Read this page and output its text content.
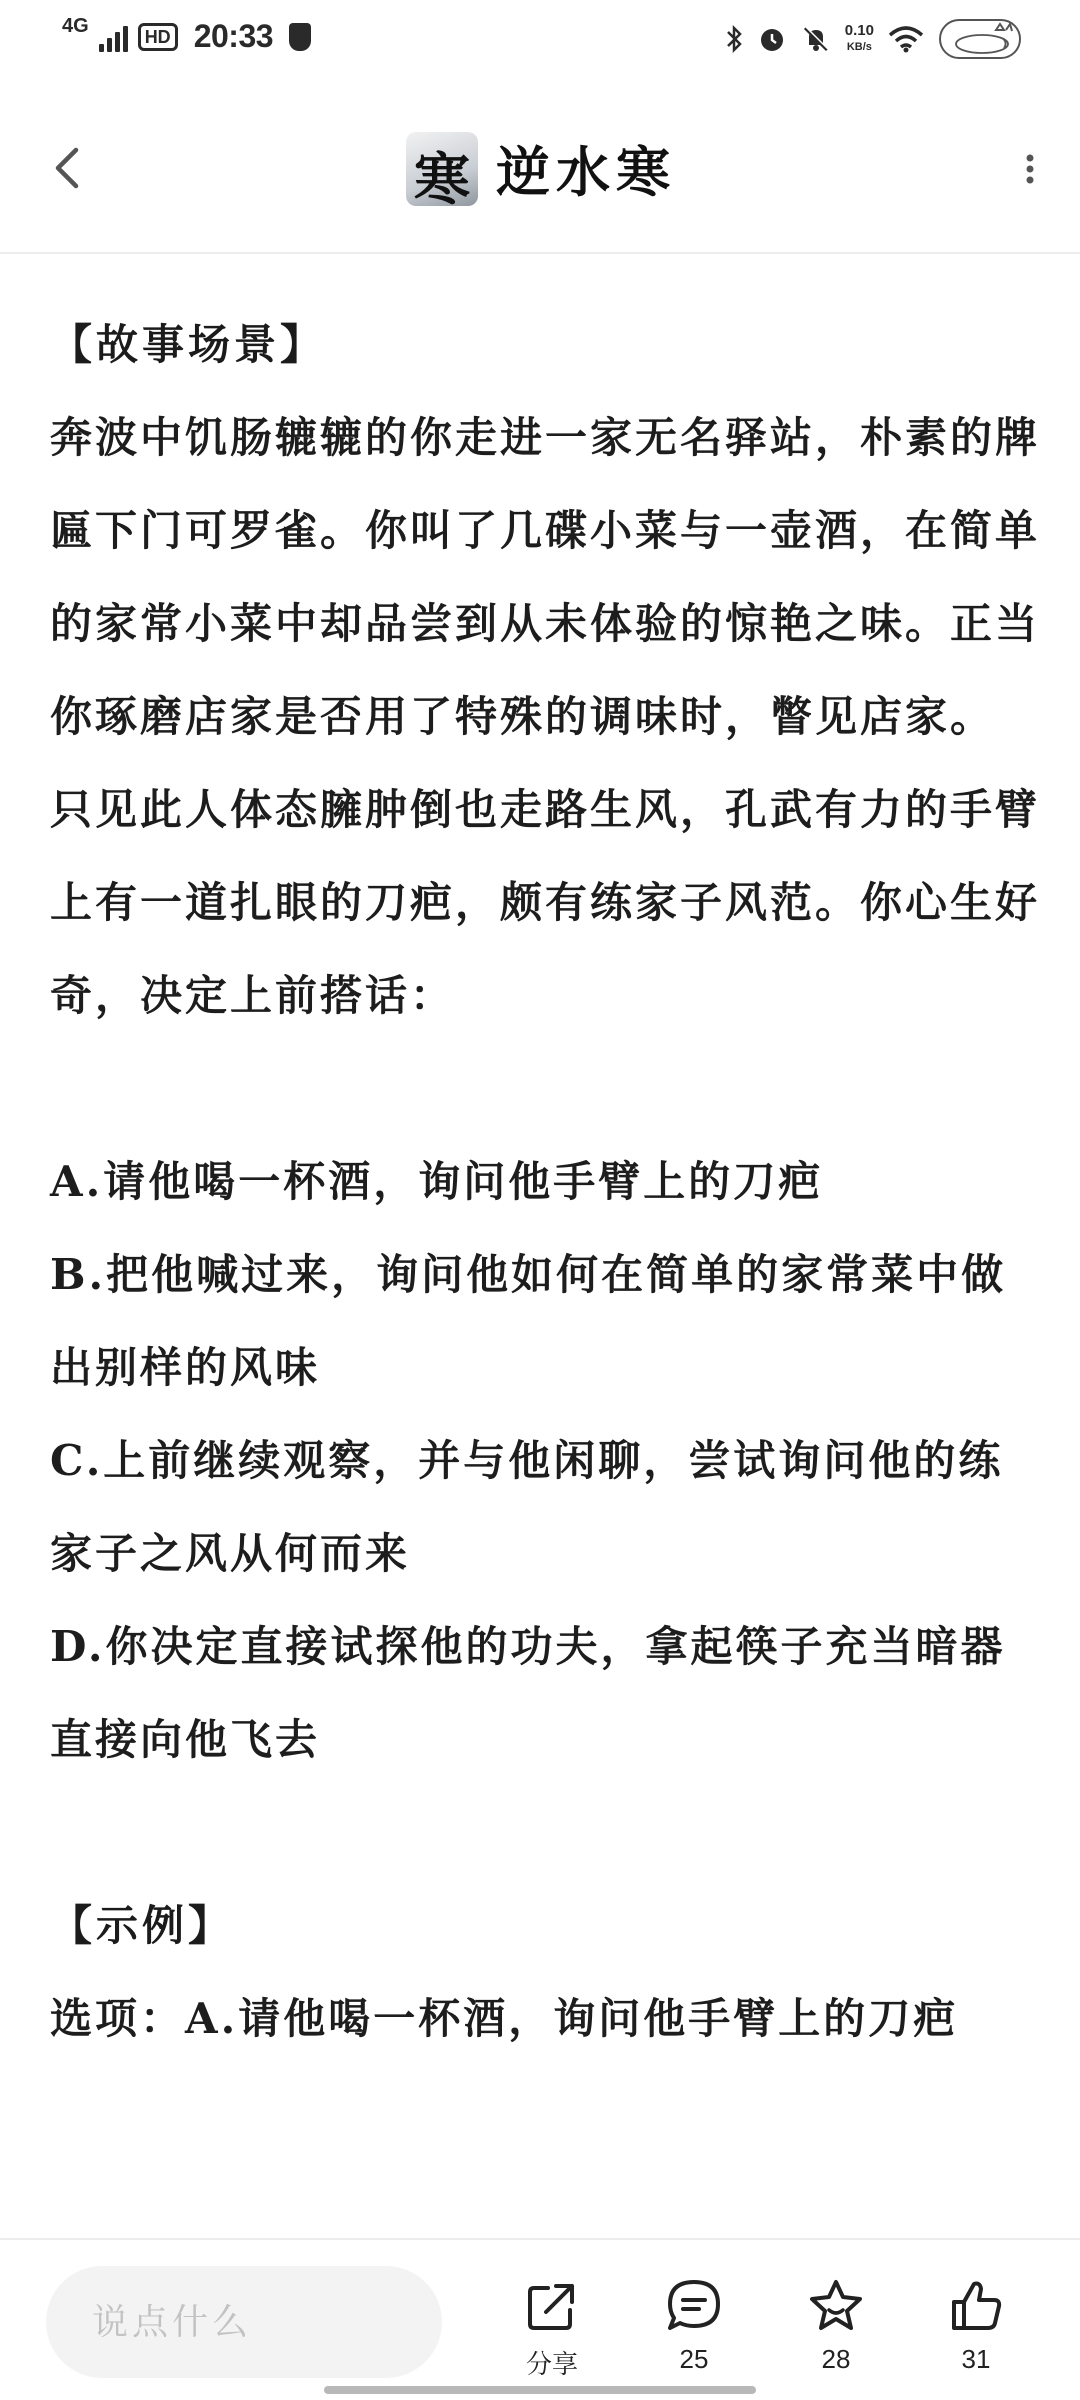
4G	HD 20:33	0.10
KB/s
寒 逆水寒

【故事场景】

奔波中饥肠辘辘的你走进一家无名驿站，朴素的牌匾下门可罗雀。你叫了几碟小菜与一壶酒，在简单的家常小菜中却品尝到从未体验的惊艳之味。正当你琢磨店家是否用了特殊的调味时，瞥见店家。

只见此人体态臃肿倒也走路生风，孔武有力的手臂上有一道扎眼的刀疤，颇有练家子风范。你心生好奇，决定上前搭话：

A.请他喝一杯酒，询问他手臂上的刀疤

B.把他喊过来，询问他如何在简单的家常菜中做出别样的风味

C.上前继续观察，并与他闲聊，尝试询问他的练家子之风从何而来

D.你决定直接试探他的功夫，拿起筷子充当暗器直接向他飞去

【示例】

选项：A.请他喝一杯酒，询问他手臂上的刀疤

说点什么
分享	25	28	31
